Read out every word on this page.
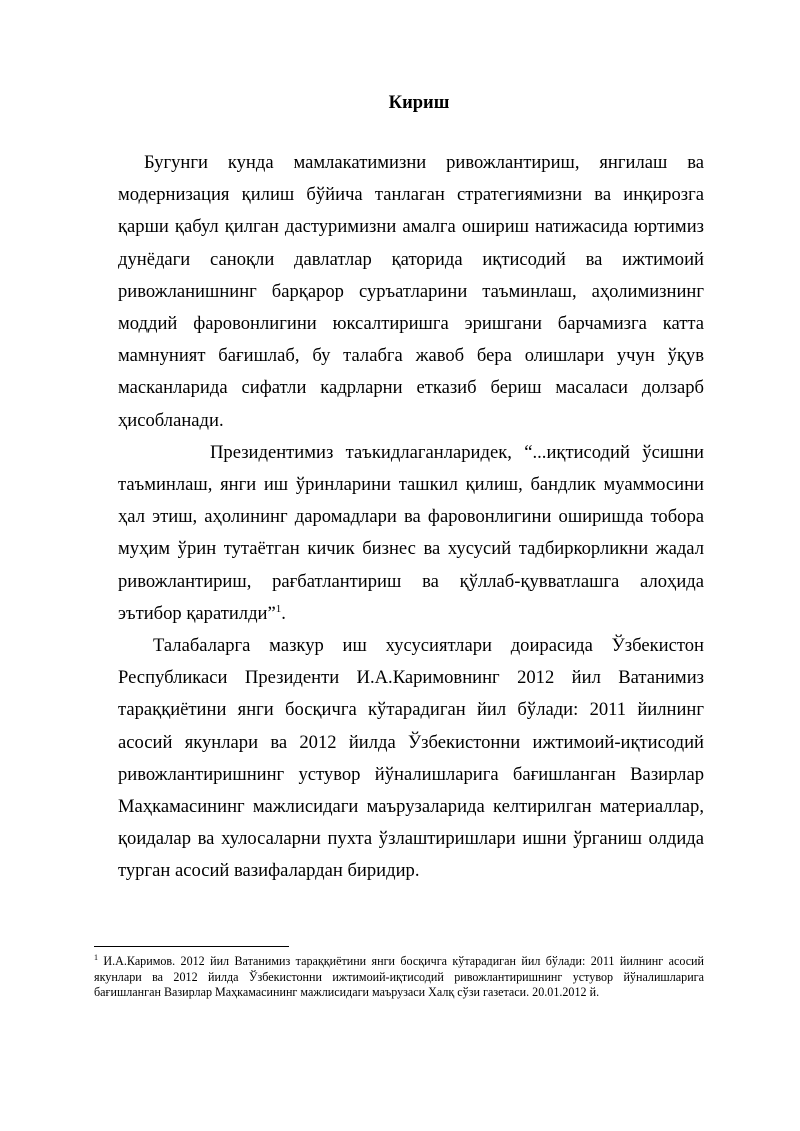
Кириш

Бугунги кунда мамлакатимизни ривожлантириш, янгилаш ва модернизация қилиш бўйича танлаган стратегиямизни ва инқирозга қарши қабул қилган дастуримизни амалга ошириш натижасида юртимиз дунёдаги саноқли давлатлар қаторида иқтисодий ва ижтимоий ривожланишнинг барқарор суръатларини таъминлаш, аҳолимизнинг моддий фаровонлигини юксалтиришга эришгани барчамизга катта мамнуният бағишлаб, бу талабга жавоб бера олишлари учун ўқув масканларида сифатли кадрларни етказиб бериш масаласи долзарб ҳисобланади.

Президентимиз таъкидлаганларидек, “...иқтисодий ўсишни таъминлаш, янги иш ўринларини ташкил қилиш, бандлик муаммосини ҳал этиш, аҳолининг даромадлари ва фаровонлигини оширишда тобора муҳим ўрин тутаётган кичик бизнес ва хусусий тадбиркорликни жадал ривожлантириш, рағбатлантириш ва қўллаб-қувватлашга алоҳида эътибор қаратилди”$^1$.

Талабаларга мазкур иш хусусиятлари доирасида Ўзбекистон Республикаси Президенти И.А.Каримовнинг 2012 йил Ватанимиз тараққиётини янги босқичга кўтарадиган йил бўлади: 2011 йилнинг асосий якунлари ва 2012 йилда Ўзбекистонни ижтимоий-иқтисодий ривожлантиришнинг устувор йўналишларига бағишланган Вазирлар Маҳкамасининг мажлисидаги маърузаларида келтирилган материаллар, қоидалар ва хулосаларни пухта ўзлаштиришлари ишни ўрганиш олдида турган асосий вазифалардан биридир.

$^1$ И.А.Каримов. 2012 йил Ватанимиз тараққиётини янги босқичга кўтарадиган йил бўлади: 2011 йилнинг асосий якунлари ва 2012 йилда Ўзбекистонни ижтимоий-иқтисодий ривожлантиришнинг устувор йўналишларига бағишланган Вазирлар Маҳкамасининг мажлисидаги маърузаси Халқ сўзи газетаси. 20.01.2012 й.
